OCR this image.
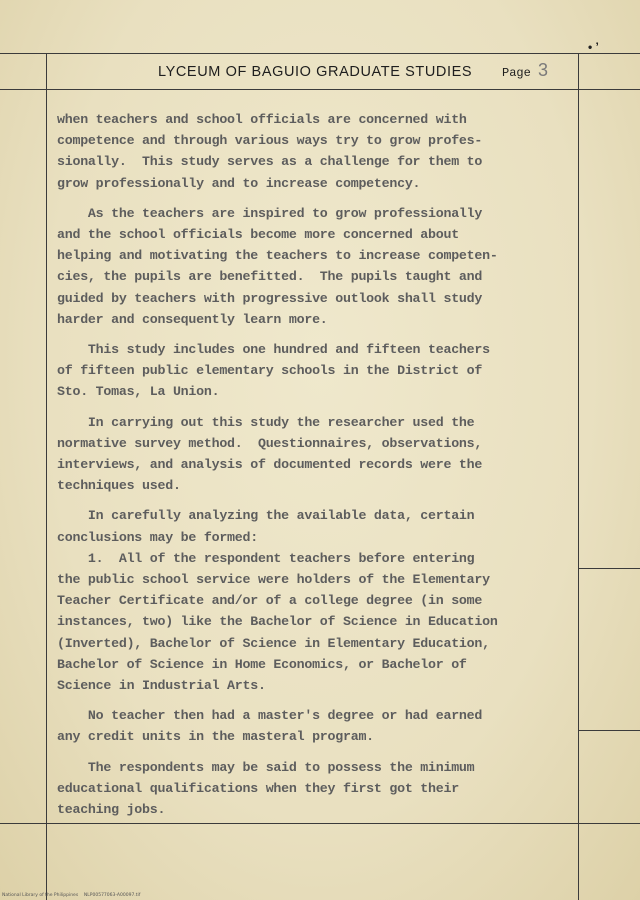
• ’
LYCEUM OF BAGUIO GRADUATE STUDIES Page 3
when teachers and school officials are concerned with
competence and through various ways try to grow profes-
sionally.  This study serves as a challenge for them to
grow professionally and to increase competency.
As the teachers are inspired to grow professionally
and the school officials become more concerned about
helping and motivating the teachers to increase competen-
cies, the pupils are benefitted.  The pupils taught and
guided by teachers with progressive outlook shall study
harder and consequently learn more.
This study includes one hundred and fifteen teachers
of fifteen public elementary schools in the District of
Sto. Tomas, La Union.
In carrying out this study the researcher used the
normative survey method.  Questionnaires, observations,
interviews, and analysis of documented records were the
techniques used.
In carefully analyzing the available data, certain
conclusions may be formed:
1.  All of the respondent teachers before entering
the public school service were holders of the Elementary
Teacher Certificate and/or of a college degree (in some
instances, two) like the Bachelor of Science in Education
(Inverted), Bachelor of Science in Elementary Education,
Bachelor of Science in Home Economics, or Bachelor of
Science in Industrial Arts.
No teacher then had a master's degree or had earned
any credit units in the masteral program.
The respondents may be said to possess the minimum
educational qualifications when they first got their
teaching jobs.
National Library of the Philippines    NLP00577063-A00097.tif
